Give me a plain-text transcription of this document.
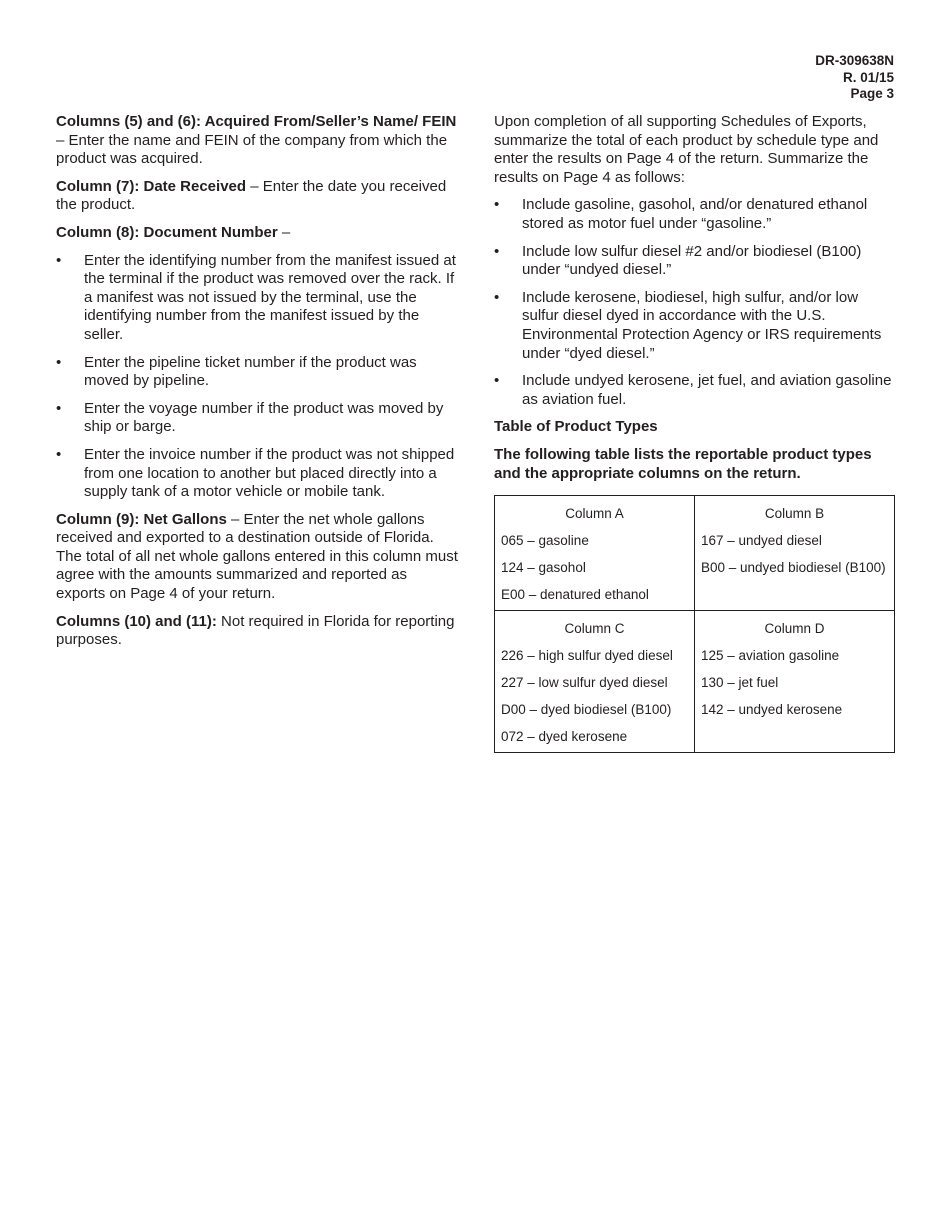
DR-309638N
R. 01/15
Page 3

Columns (5) and (6): Acquired From/Seller’s Name/ FEIN – Enter the name and FEIN of the company from which the product was acquired.

Column (7): Date Received – Enter the date you received the product.

Column (8): Document Number –

• Enter the identifying number from the manifest issued at the terminal if the product was removed over the rack. If a manifest was not issued by the terminal, use the identifying number from the manifest issued by the seller.
• Enter the pipeline ticket number if the product was moved by pipeline.
• Enter the voyage number if the product was moved by ship or barge.
• Enter the invoice number if the product was not shipped from one location to another but placed directly into a supply tank of a motor vehicle or mobile tank.

Column (9): Net Gallons – Enter the net whole gallons received and exported to a destination outside of Florida. The total of all net whole gallons entered in this column must agree with the amounts summarized and reported as exports on Page 4 of your return.

Columns (10) and (11): Not required in Florida for reporting purposes.

Upon completion of all supporting Schedules of Exports, summarize the total of each product by schedule type and enter the results on Page 4 of the return. Summarize the results on Page 4 as follows:

• Include gasoline, gasohol, and/or denatured ethanol stored as motor fuel under “gasoline.”
• Include low sulfur diesel #2 and/or biodiesel (B100) under “undyed diesel.”
• Include kerosene, biodiesel, high sulfur, and/or low sulfur diesel dyed in accordance with the U.S. Environmental Protection Agency or IRS requirements under “dyed diesel.”
• Include undyed kerosene, jet fuel, and aviation gasoline as aviation fuel.

Table of Product Types

The following table lists the reportable product types and the appropriate columns on the return.

Column A	Column B
065 – gasoline	167 – undyed diesel
124 – gasohol	B00 – undyed biodiesel (B100)
E00 – denatured ethanol	
Column C	Column D
226 – high sulfur dyed diesel	125 – aviation gasoline
227 – low sulfur dyed diesel	130 – jet fuel
D00 – dyed biodiesel (B100)	142 – undyed kerosene
072 – dyed kerosene	
